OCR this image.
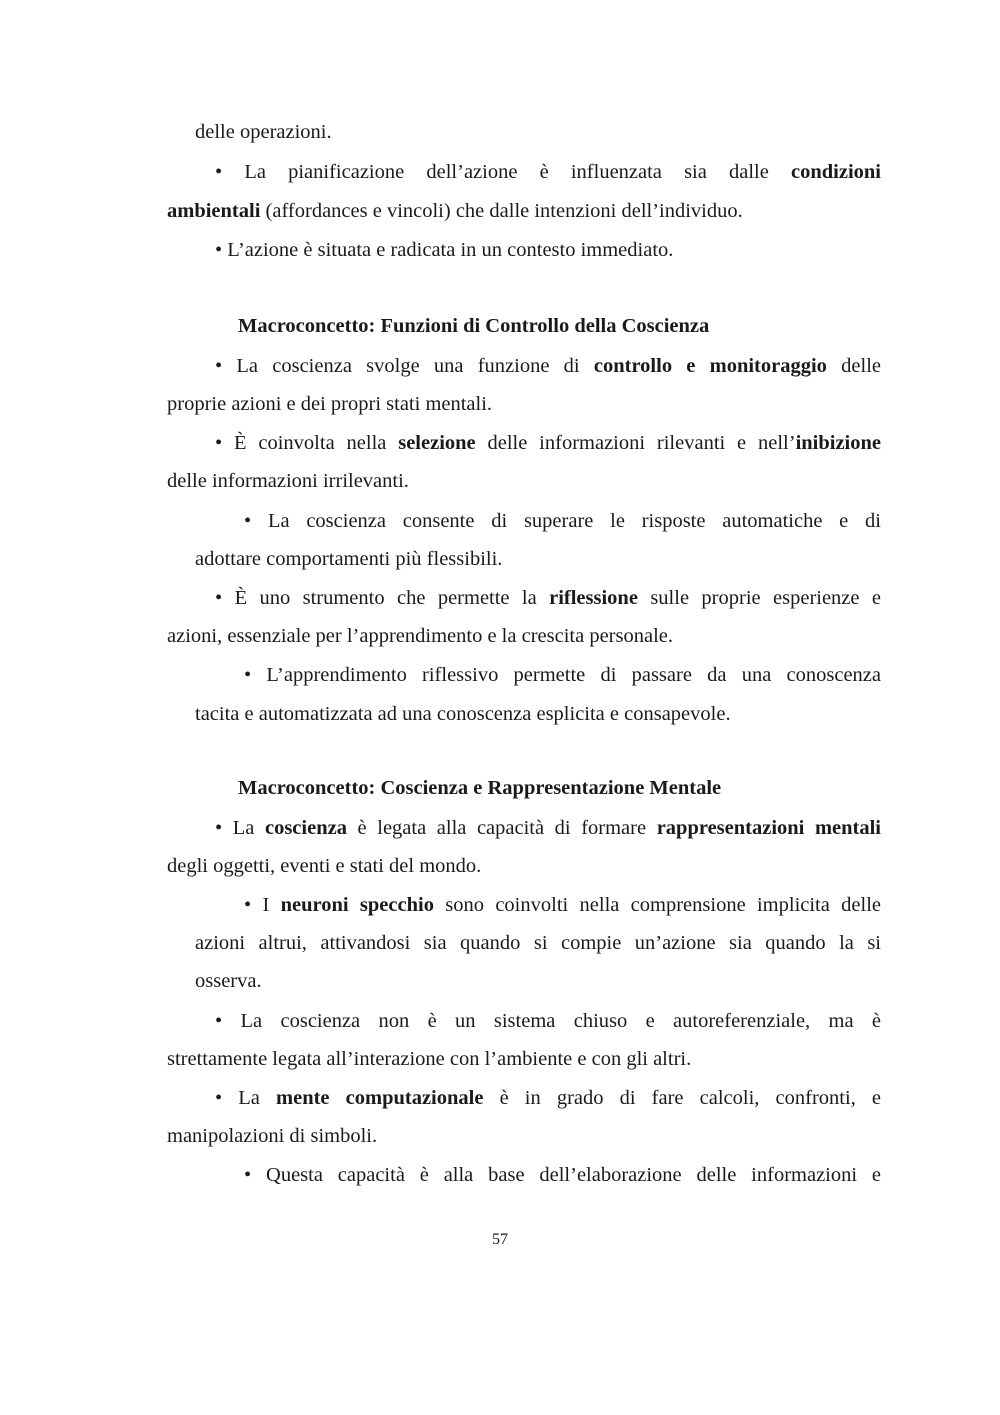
delle operazioni.
• La pianificazione dell’azione è influenzata sia dalle condizioni
ambientali (affordances e vincoli) che dalle intenzioni dell’individuo.
• L’azione è situata e radicata in un contesto immediato.
Macroconcetto: Funzioni di Controllo della Coscienza
• La coscienza svolge una funzione di controllo e monitoraggio delle
proprie azioni e dei propri stati mentali.
• È coinvolta nella selezione delle informazioni rilevanti e nell’inibizione
delle informazioni irrilevanti.
• La coscienza consente di superare le risposte automatiche e di
adottare comportamenti più flessibili.
• È uno strumento che permette la riflessione sulle proprie esperienze e
azioni, essenziale per l’apprendimento e la crescita personale.
• L’apprendimento riflessivo permette di passare da una conoscenza
tacita e automatizzata ad una conoscenza esplicita e consapevole.
Macroconcetto: Coscienza e Rappresentazione Mentale
• La coscienza è legata alla capacità di formare rappresentazioni mentali
degli oggetti, eventi e stati del mondo.
• I neuroni specchio sono coinvolti nella comprensione implicita delle
azioni altrui, attivandosi sia quando si compie un’azione sia quando la si
osserva.
• La coscienza non è un sistema chiuso e autoreferenziale, ma è
strettamente legata all’interazione con l’ambiente e con gli altri.
• La mente computazionale è in grado di fare calcoli, confronti, e
manipolazioni di simboli.
• Questa capacità è alla base dell’elaborazione delle informazioni e
57
